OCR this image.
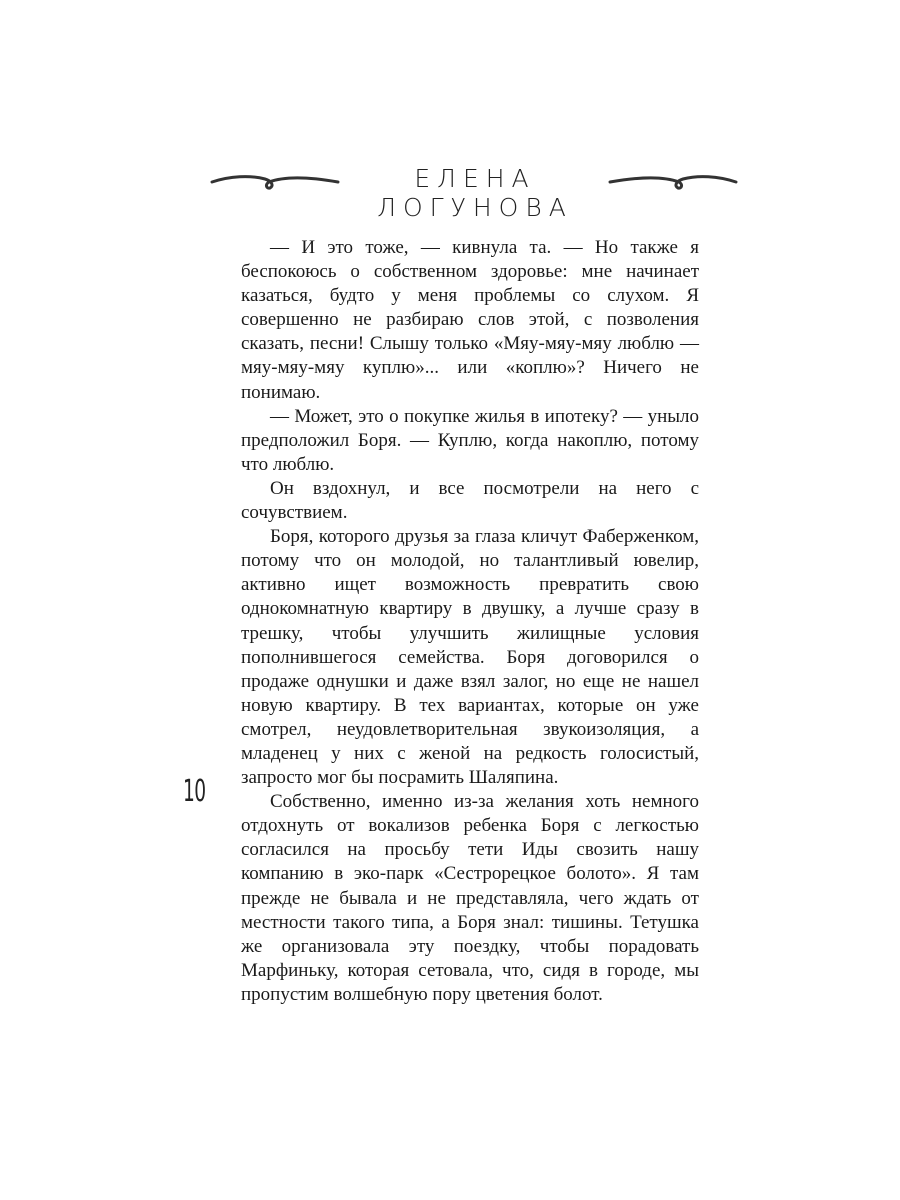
ЕЛЕНА ЛОГУНОВА
10

— И это тоже, — кивнула та. — Но также я беспокоюсь о собственном здоровье: мне начинает казаться, будто у меня проблемы со слухом. Я совершенно не разбираю слов этой, с позволения сказать, песни! Слышу только «Мяу-мяу-мяу люблю — мяу-мяу-мяу куплю»... или «коплю»? Ничего не понимаю.

— Может, это о покупке жилья в ипотеку? — уныло предположил Боря. — Куплю, когда накоплю, потому что люблю.

Он вздохнул, и все посмотрели на него с сочувствием.

Боря, которого друзья за глаза кличут Фаберженком, потому что он молодой, но талантливый ювелир, активно ищет возможность превратить свою однокомнатную квартиру в двушку, а лучше сразу в трешку, чтобы улучшить жилищные условия пополнившегося семейства. Боря договорился о продаже однушки и даже взял залог, но еще не нашел новую квартиру. В тех вариантах, которые он уже смотрел, неудовлетворительная звукоизоляция, а младенец у них с женой на редкость голосистый, запросто мог бы посрамить Шаляпина.

Собственно, именно из-за желания хоть немного отдохнуть от вокализов ребенка Боря с легкостью согласился на просьбу тети Иды свозить нашу компанию в эко-парк «Сестрорецкое болото». Я там прежде не бывала и не представляла, чего ждать от местности такого типа, а Боря знал: тишины. Тетушка же организовала эту поездку, чтобы порадовать Марфиньку, которая сетовала, что, сидя в городе, мы пропустим волшебную пору цветения болот.
